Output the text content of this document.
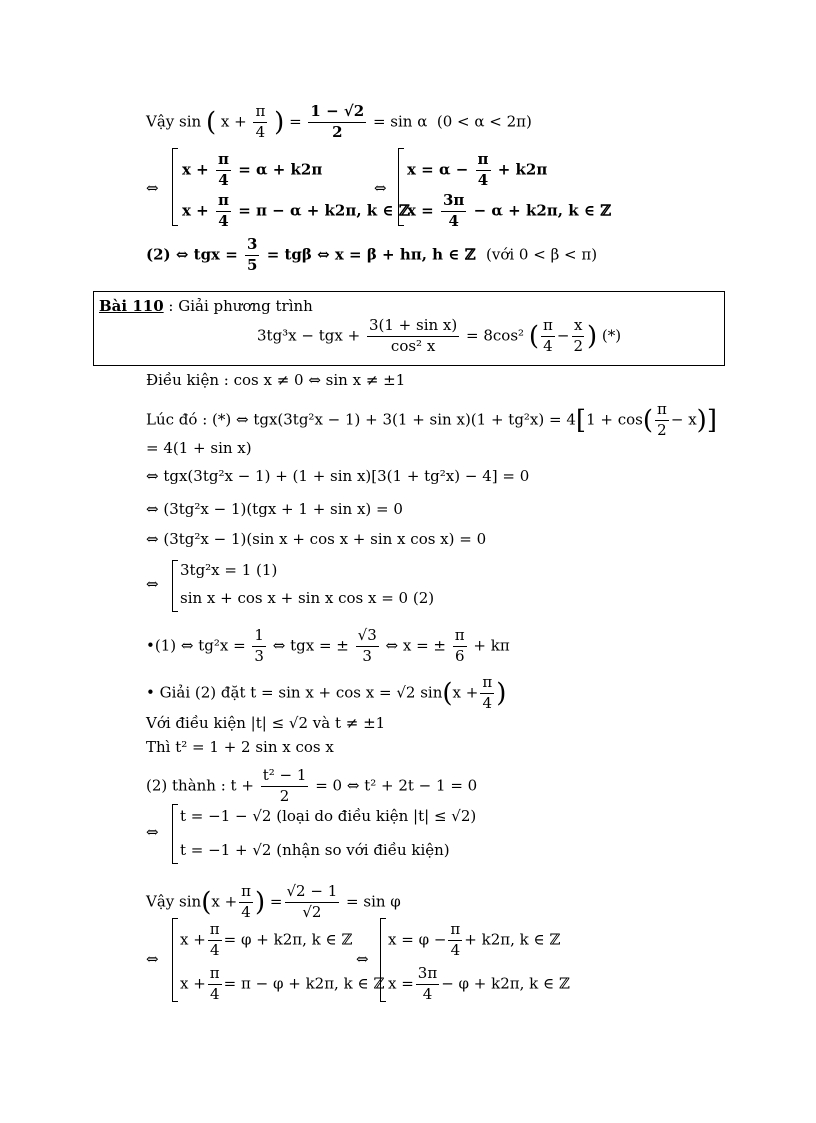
Vậy sin ( $x + \frac{\pi}{4}$ ) = $\frac{1 - √2}{2} = \sin \alpha$ (0 < α < 2π)
⇔
$x + \frac{\pi}{4} = \alpha + k2\pi$
$x + \frac{\pi}{4} = \pi - \alpha + k2\pi$, k ∈ ℤ
⇔
$x = \alpha - \frac{\pi}{4} + k2\pi$
$x = \frac{3\pi}{4} - \alpha + k2\pi$, k ∈ ℤ
(2) ⇔ tgx = $\frac{3}{5} = tg\beta$ ⇔ x = β + hπ, h ∈ ℤ (với 0 < β < π)
Bài 110 : Giải phương trình
3tg³x − tgx + $\frac{\text{3(1 + sin x)}}{\text{cos² x}} = 8\cos^2$ ( $\frac{\pi}{4} - \frac{x}{2}$ ) (*)
Điều kiện : cos x ≠ 0 ⇔ sin x ≠ ±1
Lúc đó : (*) ⇔ $tgx(3tg^2x - 1) + 3(1 + \sin x)(1 + tg^2x) = 4[1 + \cos( \frac{\pi}{2} - x)]$
= 4(1 + sin x)
⇔ tgx(3tg²x − 1) + (1 + sin x)[3(1 + tg²x) − 4] = 0
⇔ (3tg²x − 1)(tgx + 1 + sin x) = 0
⇔ (3tg²x − 1)(sin x + cos x + sin x cos x) = 0
⇔
3tg²x = 1 (1)
sin x + cos x + sin x cos x = 0 (2)
•(1) ⇔ $tg^2x = \frac{1}{3}$ ⇔ tgx = ± $\frac{√3}{3}$ ⇔ x = ± $\frac{\pi}{6} + k\pi$
• Giải (2) đặt t = sin x + cos x = √2 $\sin(x + \frac{\pi}{4}$ )
Với điều kiện |t| ≤ √2 và t ≠ ±1
Thì t² = 1 + 2 sin x cos x
(2) thành : $t + \frac{\text{t² − 1}}{2} = 0$ ⇔ t² + 2t − 1 = 0
⇔
t = −1 − √2 (loại do điều kiện |t| ≤ √2)
t = −1 + √2 (nhận so với điều kiện)
Vậy $\sin(x + \frac{\pi}{4}$ ) = $\frac{√2 - 1}{√2} = \sin \varphi$
⇔
$x + \frac{\pi}{4} = \varphi + k2\pi$, k ∈ ℤ
$x + \frac{\pi}{4} = \pi - \varphi + k2\pi$, k ∈ ℤ
⇔
$x = \varphi - \frac{\pi}{4} + k2\pi$, k ∈ ℤ
$x = \frac{3\pi}{4} - \varphi + k2\pi$, k ∈ ℤ
